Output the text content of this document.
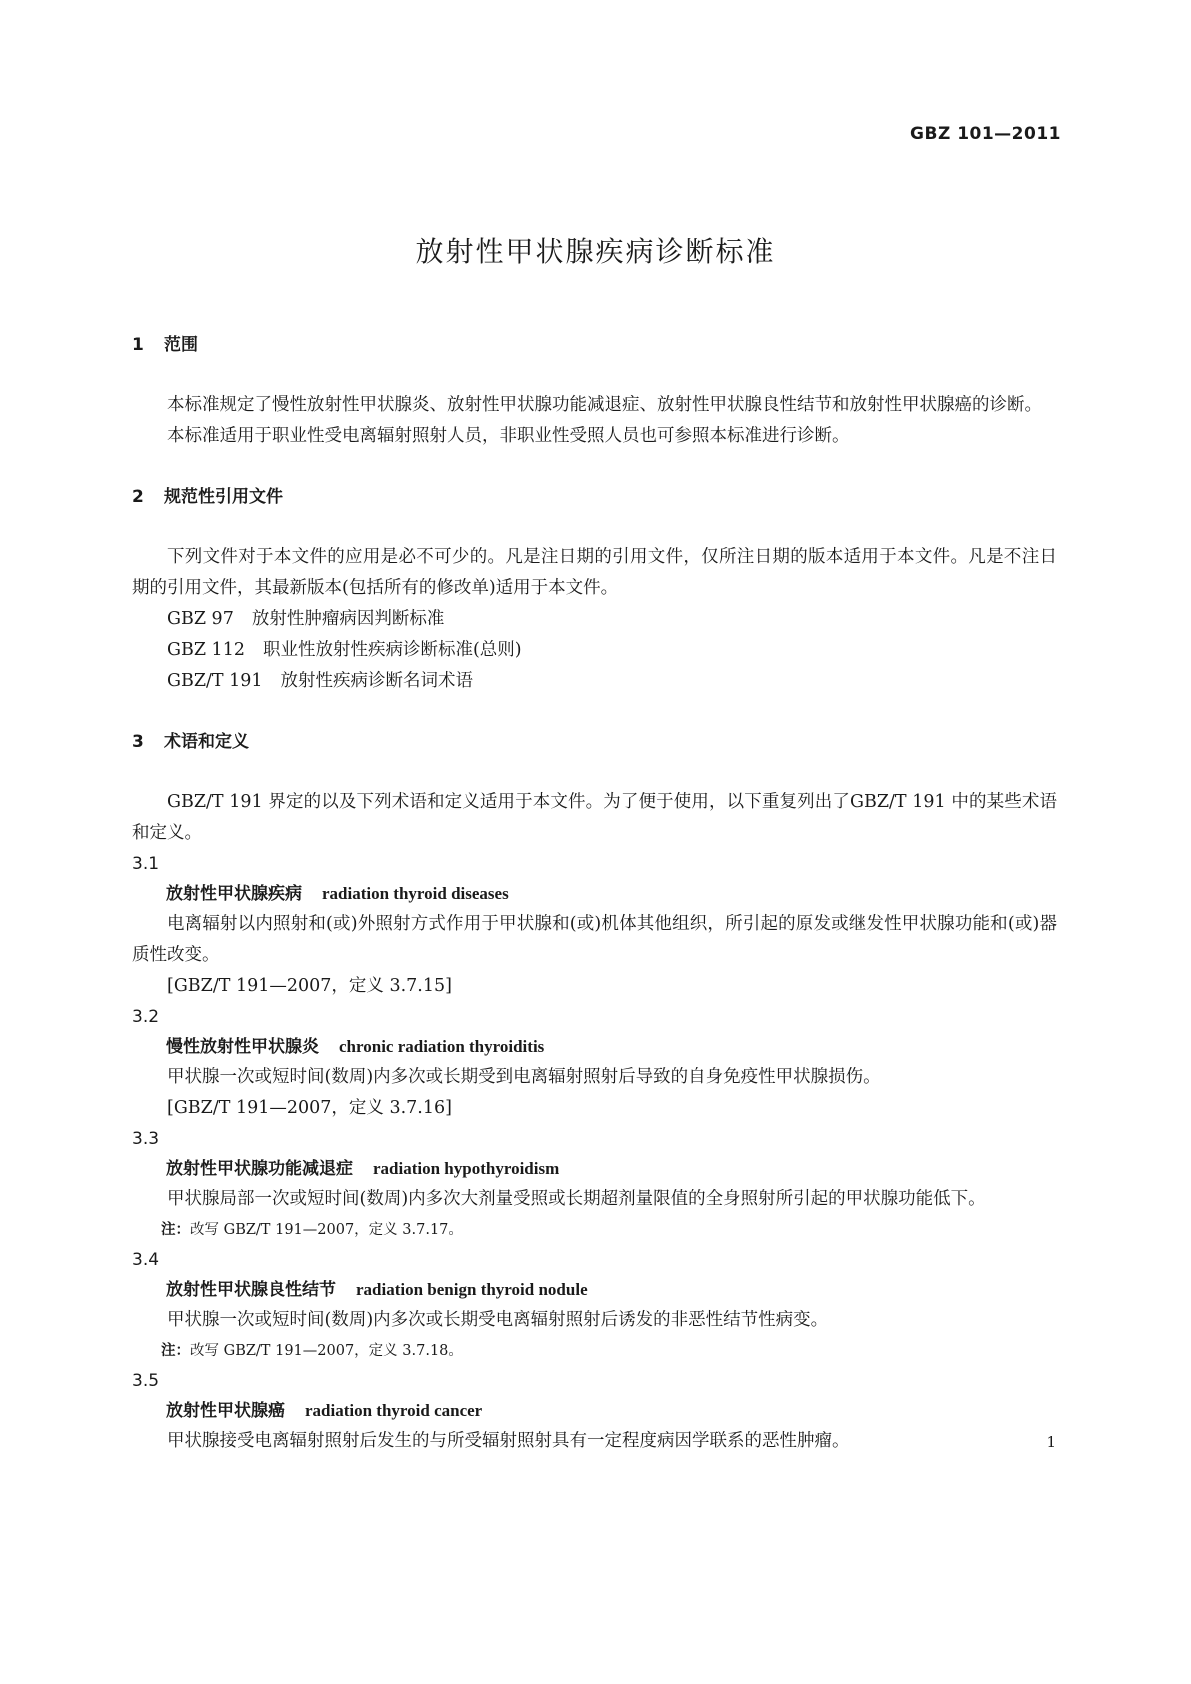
GBZ 101—2011
放射性甲状腺疾病诊断标准
1 范围
本标准规定了慢性放射性甲状腺炎、放射性甲状腺功能减退症、放射性甲状腺良性结节和放射性甲状腺癌的诊断。
本标准适用于职业性受电离辐射照射人员，非职业性受照人员也可参照本标准进行诊断。
2 规范性引用文件
下列文件对于本文件的应用是必不可少的。凡是注日期的引用文件，仅所注日期的版本适用于本文件。凡是不注日期的引用文件，其最新版本(包括所有的修改单)适用于本文件。
GBZ 97 放射性肿瘤病因判断标准
GBZ 112 职业性放射性疾病诊断标准(总则)
GBZ/T 191 放射性疾病诊断名词术语
3 术语和定义
GBZ/T 191 界定的以及下列术语和定义适用于本文件。为了便于使用，以下重复列出了GBZ/T 191 中的某些术语和定义。
3.1
放射性甲状腺疾病 radiation thyroid diseases
电离辐射以内照射和(或)外照射方式作用于甲状腺和(或)机体其他组织，所引起的原发或继发性甲状腺功能和(或)器质性改变。
[GBZ/T 191—2007，定义 3.7.15]
3.2
慢性放射性甲状腺炎 chronic radiation thyroiditis
甲状腺一次或短时间(数周)内多次或长期受到电离辐射照射后导致的自身免疫性甲状腺损伤。
[GBZ/T 191—2007，定义 3.7.16]
3.3
放射性甲状腺功能减退症 radiation hypothyroidism
甲状腺局部一次或短时间(数周)内多次大剂量受照或长期超剂量限值的全身照射所引起的甲状腺功能低下。
注：改写 GBZ/T 191—2007，定义 3.7.17。
3.4
放射性甲状腺良性结节 radiation benign thyroid nodule
甲状腺一次或短时间(数周)内多次或长期受电离辐射照射后诱发的非恶性结节性病变。
注：改写 GBZ/T 191—2007，定义 3.7.18。
3.5
放射性甲状腺癌 radiation thyroid cancer
甲状腺接受电离辐射照射后发生的与所受辐射照射具有一定程度病因学联系的恶性肿瘤。	1
